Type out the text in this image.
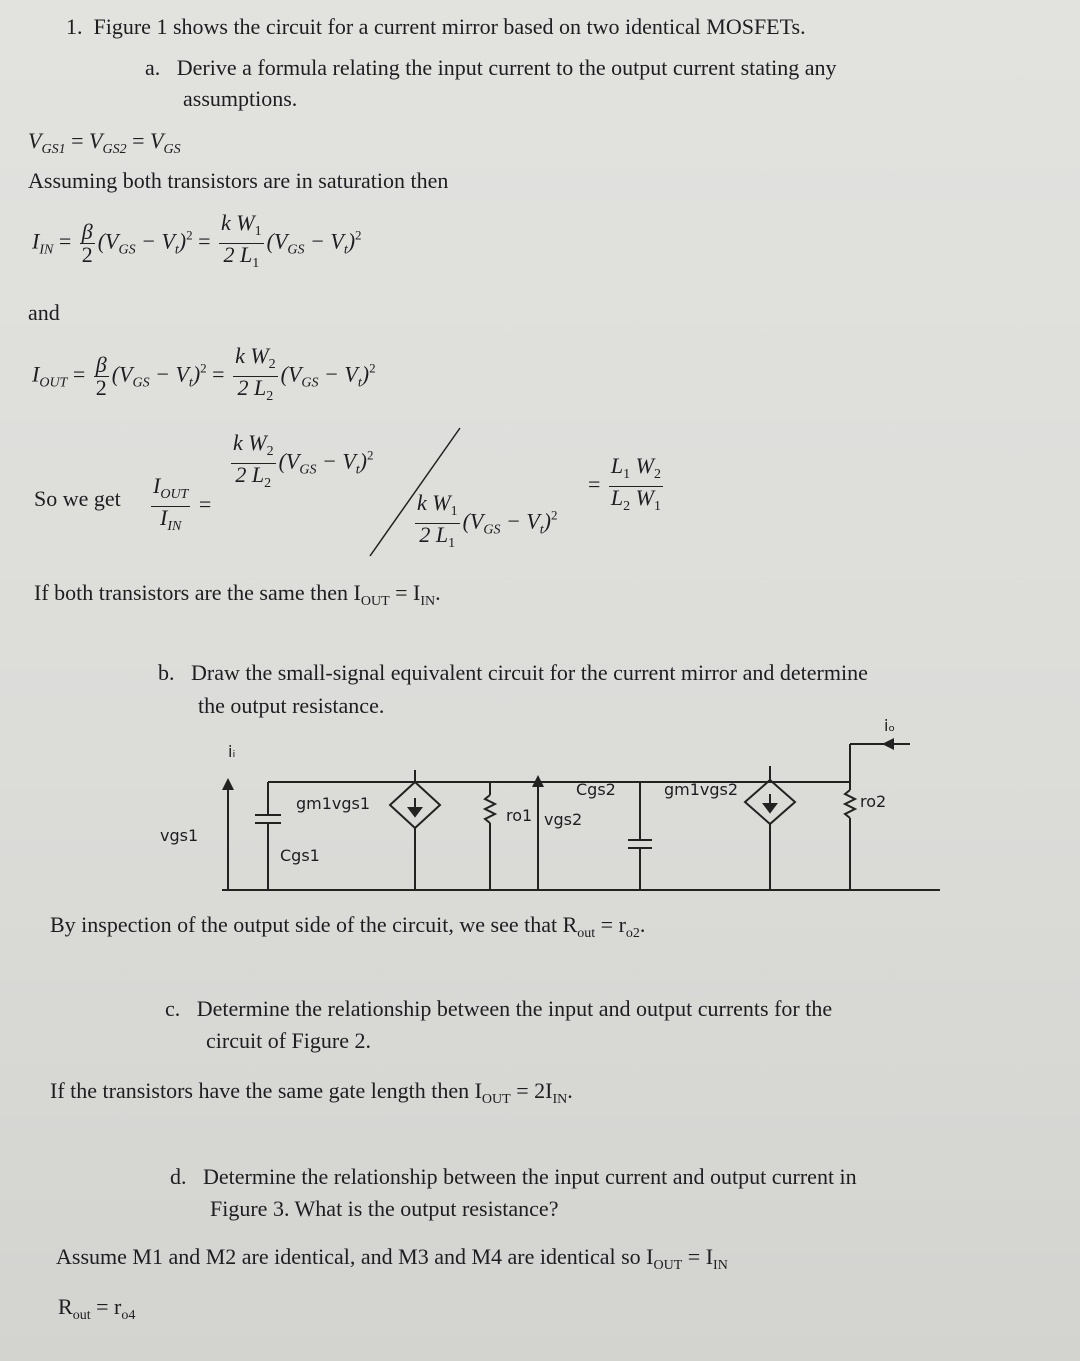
1. Figure 1 shows the circuit for a current mirror based on two identical MOSFETs.
a. Derive a formula relating the input current to the output current stating any
assumptions.
$V_{GS1} = V_{GS2} = V_{GS}$
Assuming both transistors are in saturation then
$I_{IN} = \frac{\beta}{2} (V_{GS} - V_t)^2 = \frac{k W_1}{2 L_1} (V_{GS} - V_t)^2$
and
$I_{OUT} = \frac{\beta}{2} (V_{GS} - V_t)^2 = \frac{k W_2}{2 L_2} (V_{GS} - V_t)^2$
So we get $\frac{I_{OUT}}{I_{IN}}$ =
$\frac{k W_2}{2 L_2} (V_{GS} - V_t)^2$
$\frac{k W_1}{2 L_1} (V_{GS} - V_t)^2$
= $\frac{L_1 W_2}{L_2 W_1}$
If both transistors are the same then $I_{OUT} = I_{IN}$.
b. Draw the small-signal equivalent circuit for the current mirror and determine
the output resistance.
iᵢ
iₒ
vgs1
Cgs1
gm1vgs1
ro1 vgs2
Cgs2	gm1vgs2
ro2
By inspection of the output side of the circuit, we see that $R_{out} = r_{o2}$.
c. Determine the relationship between the input and output currents for the
circuit of Figure 2.
If the transistors have the same gate length then $I_{OUT} = 2I_{IN}$.
d. Determine the relationship between the input current and output current in
Figure 3. What is the output resistance?
Assume M1 and M2 are identical, and M3 and M4 are identical so $I_{OUT} = I_{IN}$
$R_{out} = r_{o4}$
